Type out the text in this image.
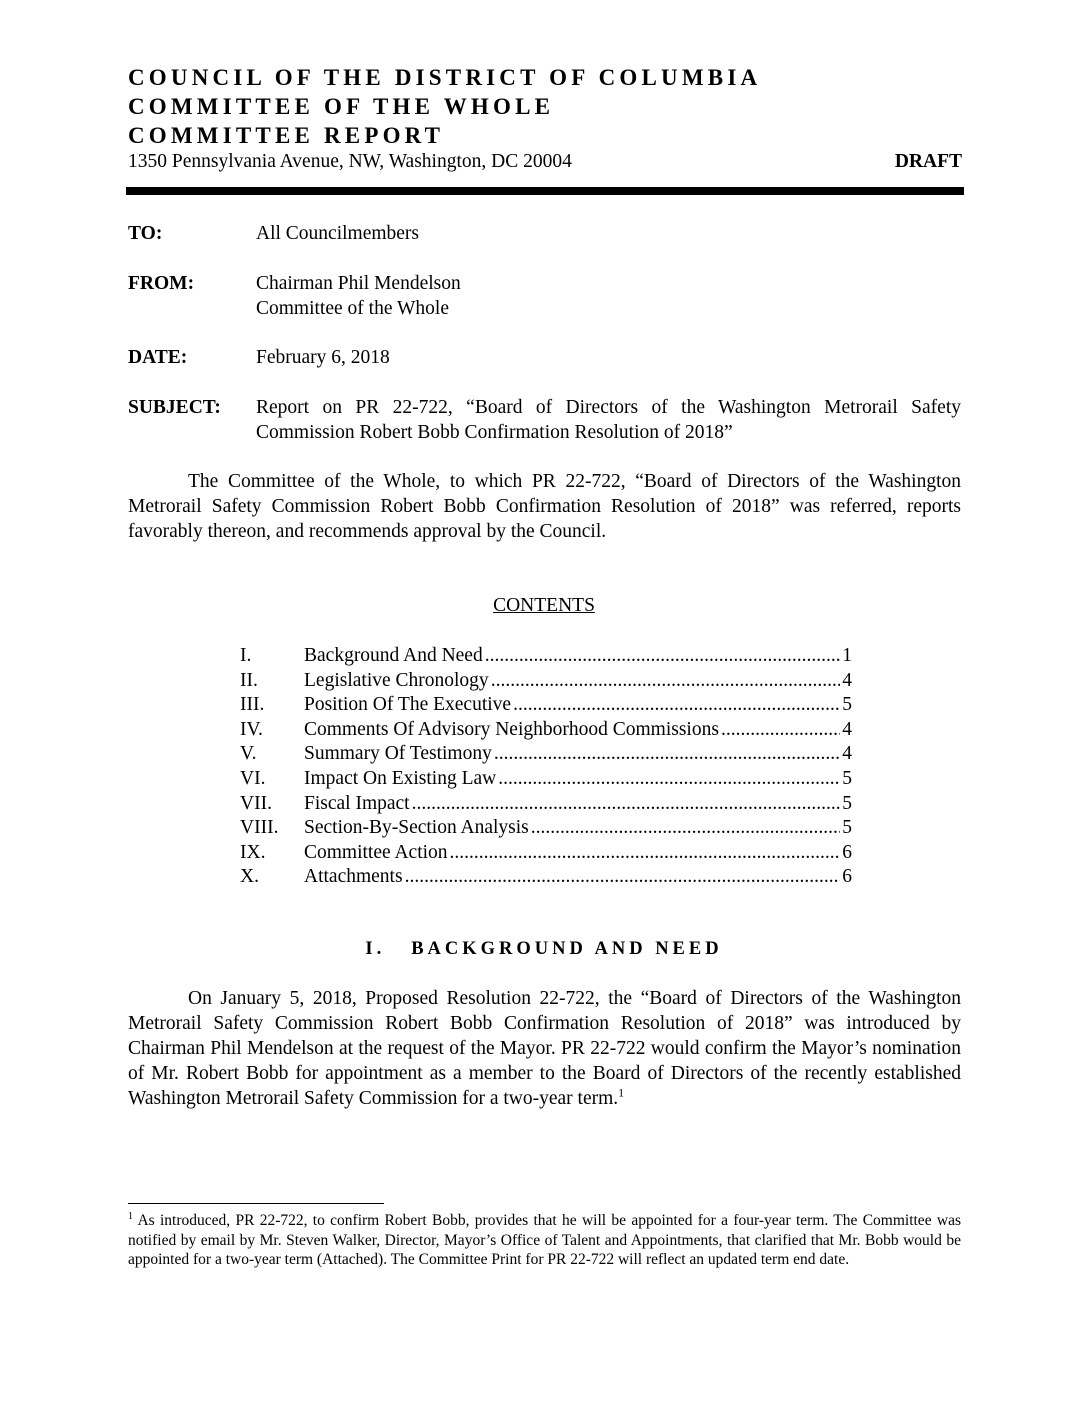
COUNCIL OF THE DISTRICT OF COLUMBIA
COMMITTEE OF THE WHOLE
COMMITTEE REPORT
1350 Pennsylvania Avenue, NW, Washington, DC 20004	DRAFT
TO:	All Councilmembers
FROM:	Chairman Phil Mendelson
Committee of the Whole
DATE:	February 6, 2018
SUBJECT: Report on PR 22-722, “Board of Directors of the Washington Metrorail Safety Commission Robert Bobb Confirmation Resolution of 2018”

The Committee of the Whole, to which PR 22-722, “Board of Directors of the Washington Metrorail Safety Commission Robert Bobb Confirmation Resolution of 2018” was referred, reports favorably thereon, and recommends approval by the Council.

CONTENTS
I.	Background And Need .....	1
II.	Legislative Chronology .....	4
III.	Position Of The Executive .....	5
IV.	Comments Of Advisory Neighborhood Commissions .....	4
V.	Summary Of Testimony .....	4
VI.	Impact On Existing Law .....	5
VII.	Fiscal Impact .....	5
VIII.	Section-By-Section Analysis .....	5
IX.	Committee Action .....	6
X.	Attachments .....	6
I. BACKGROUND AND NEED

On January 5, 2018, Proposed Resolution 22-722, the “Board of Directors of the Washington Metrorail Safety Commission Robert Bobb Confirmation Resolution of 2018” was introduced by Chairman Phil Mendelson at the request of the Mayor. PR 22-722 would confirm the Mayor’s nomination of Mr. Robert Bobb for appointment as a member to the Board of Directors of the recently established Washington Metrorail Safety Commission for a two-year term.$^1$

$^1$ As introduced, PR 22-722, to confirm Robert Bobb, provides that he will be appointed for a four-year term. The Committee was notified by email by Mr. Steven Walker, Director, Mayor’s Office of Talent and Appointments, that clarified that Mr. Bobb would be appointed for a two-year term (Attached). The Committee Print for PR 22-722 will reflect an updated term end date.
